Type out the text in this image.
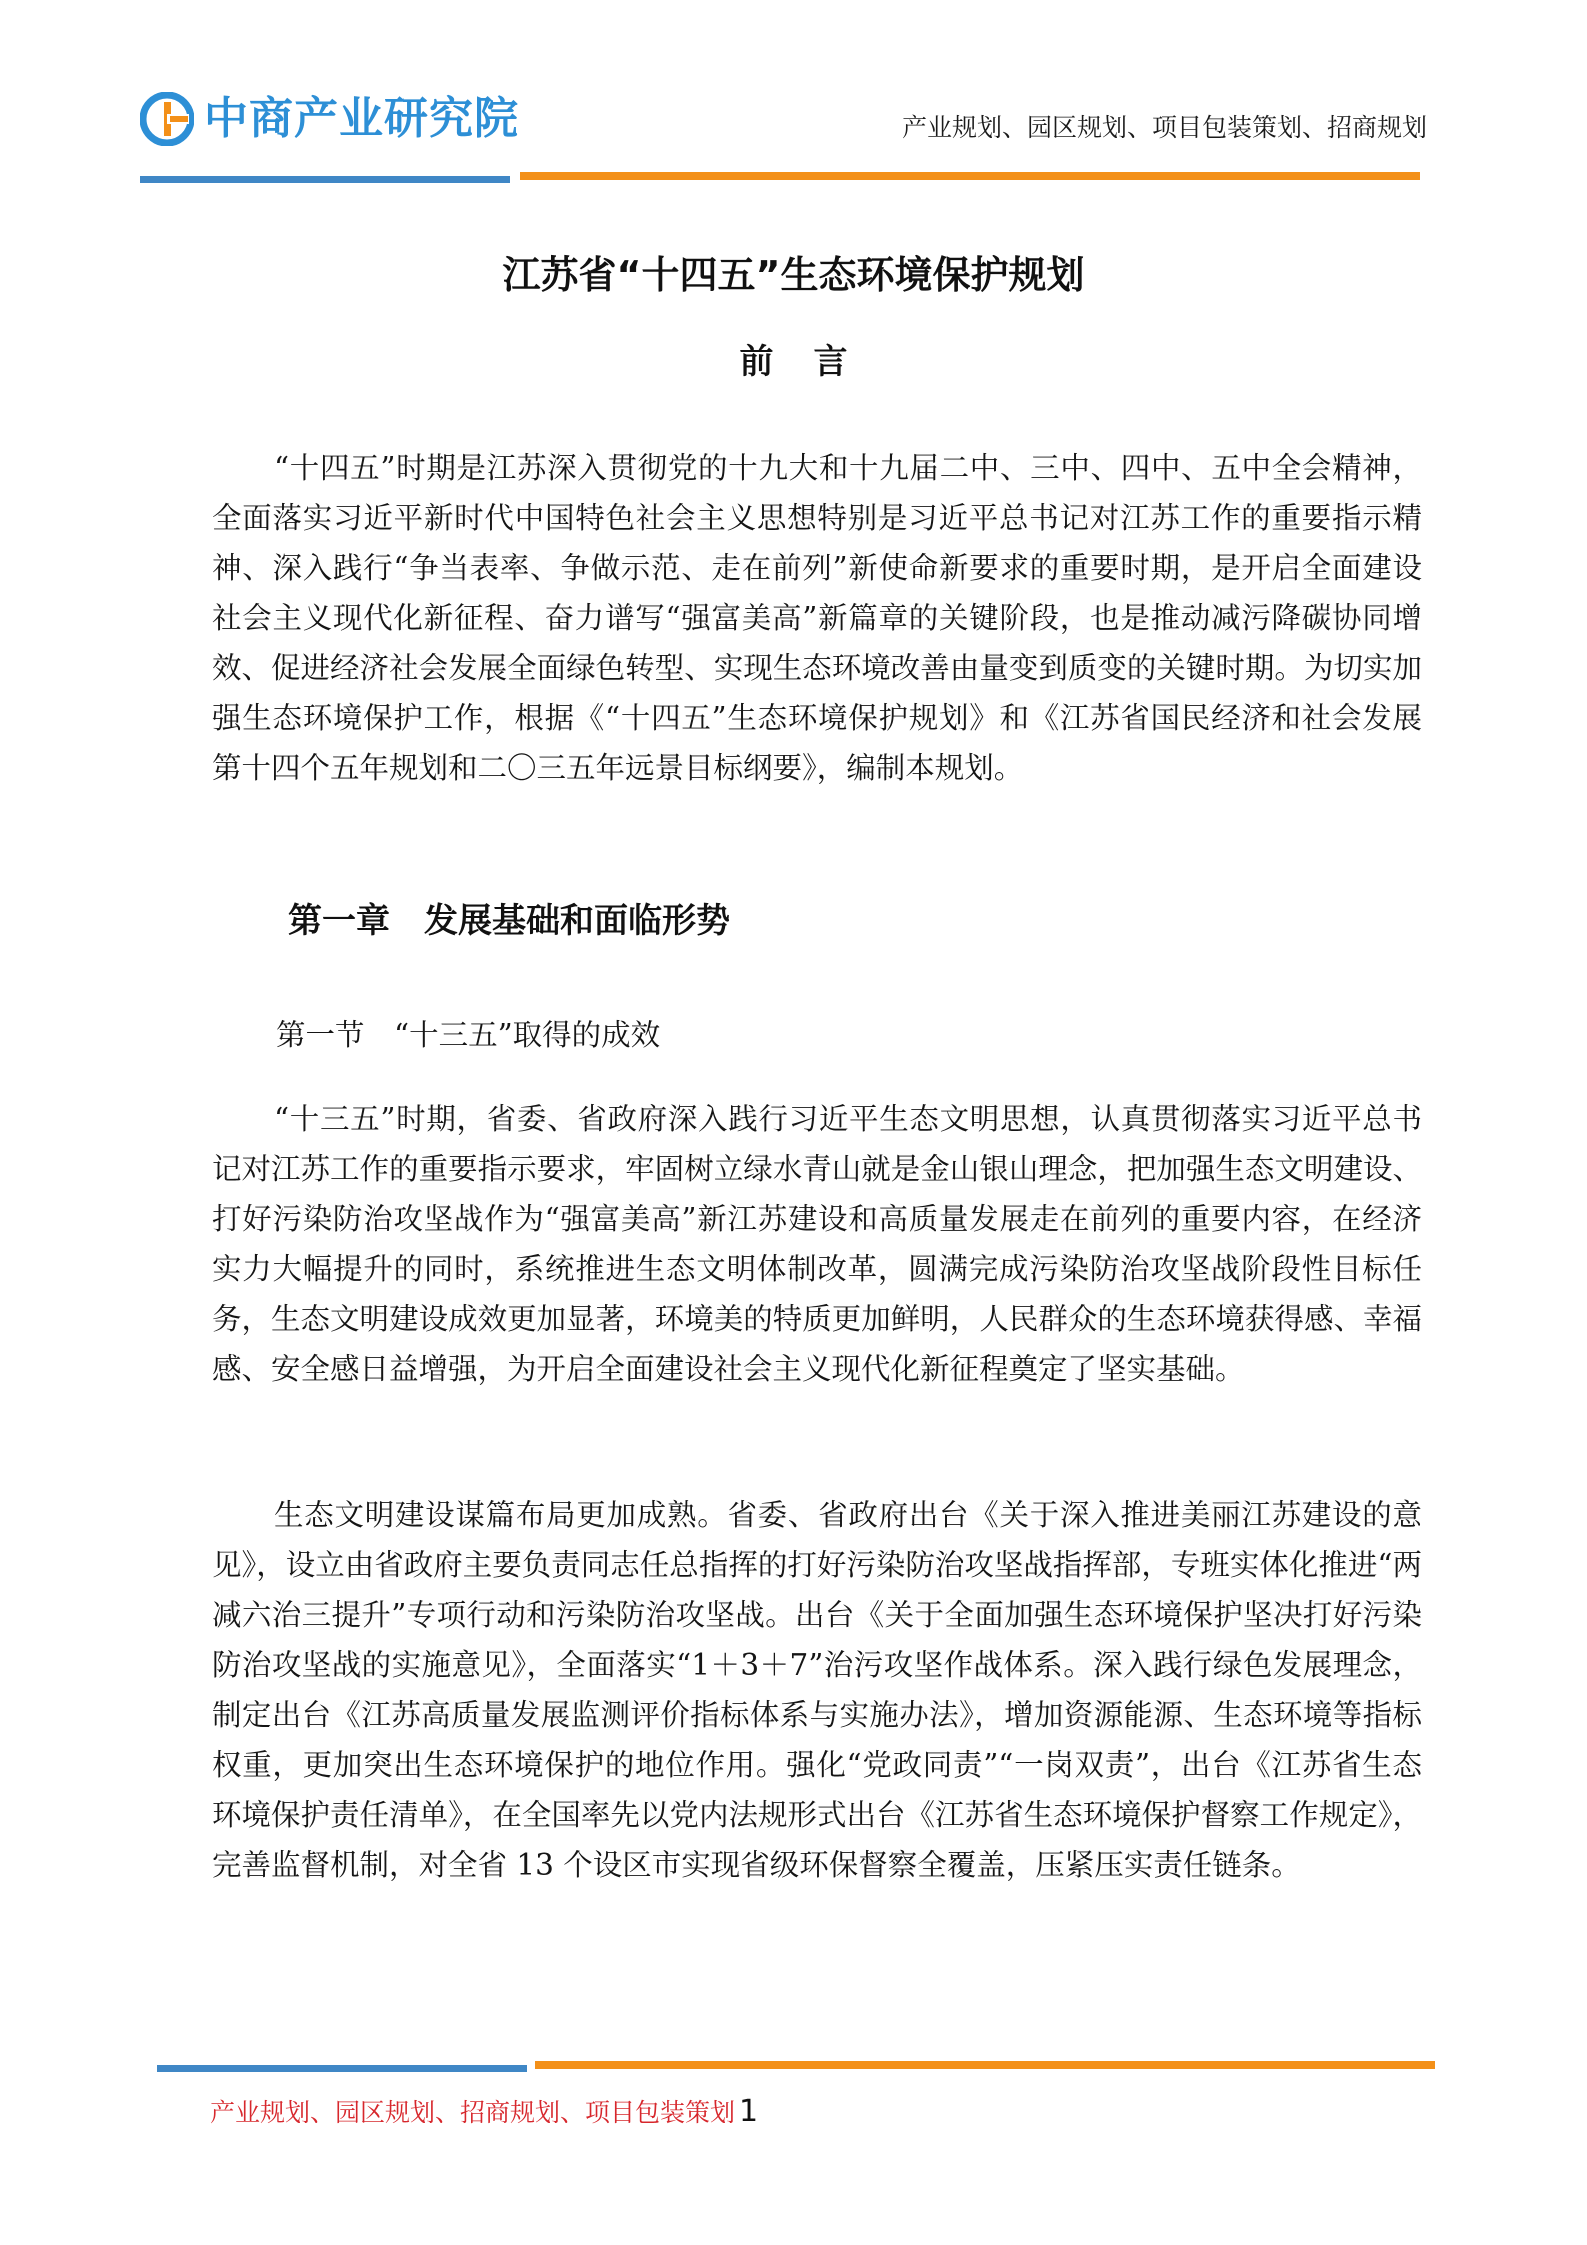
中商产业研究院	产业规划、园区规划、项目包装策划、招商规划
江苏省“十四五”生态环境保护规划
前言

“十四五”时期是江苏深入贯彻党的十九大和十九届二中、三中、四中、五中全会精神，全面落实习近平新时代中国特色社会主义思想特别是习近平总书记对江苏工作的重要指示精神、深入践行“争当表率、争做示范、走在前列”新使命新要求的重要时期，是开启全面建设社会主义现代化新征程、奋力谱写“强富美高”新篇章的关键阶段，也是推动减污降碳协同增效、促进经济社会发展全面绿色转型、实现生态环境改善由量变到质变的关键时期。为切实加强生态环境保护工作，根据《“十四五”生态环境保护规划》和《江苏省国民经济和社会发展第十四个五年规划和二〇三五年远景目标纲要》，编制本规划。

第一章　发展基础和面临形势
第一节　“十三五”取得的成效

“十三五”时期，省委、省政府深入践行习近平生态文明思想，认真贯彻落实习近平总书记对江苏工作的重要指示要求，牢固树立绿水青山就是金山银山理念，把加强生态文明建设、打好污染防治攻坚战作为“强富美高”新江苏建设和高质量发展走在前列的重要内容，在经济实力大幅提升的同时，系统推进生态文明体制改革，圆满完成污染防治攻坚战阶段性目标任务，生态文明建设成效更加显著，环境美的特质更加鲜明，人民群众的生态环境获得感、幸福感、安全感日益增强，为开启全面建设社会主义现代化新征程奠定了坚实基础。

生态文明建设谋篇布局更加成熟。省委、省政府出台《关于深入推进美丽江苏建设的意见》，设立由省政府主要负责同志任总指挥的打好污染防治攻坚战指挥部，专班实体化推进“两减六治三提升”专项行动和污染防治攻坚战。出台《关于全面加强生态环境保护坚决打好污染防治攻坚战的实施意见》，全面落实“1＋3＋7”治污攻坚作战体系。深入践行绿色发展理念，制定出台《江苏高质量发展监测评价指标体系与实施办法》，增加资源能源、生态环境等指标权重，更加突出生态环境保护的地位作用。强化“党政同责”“一岗双责”，出台《江苏省生态环境保护责任清单》，在全国率先以党内法规形式出台《江苏省生态环境保护督察工作规定》，完善监督机制，对全省 13 个设区市实现省级环保督察全覆盖，压紧压实责任链条。

产业规划、园区规划、招商规划、项目包装策划 1
